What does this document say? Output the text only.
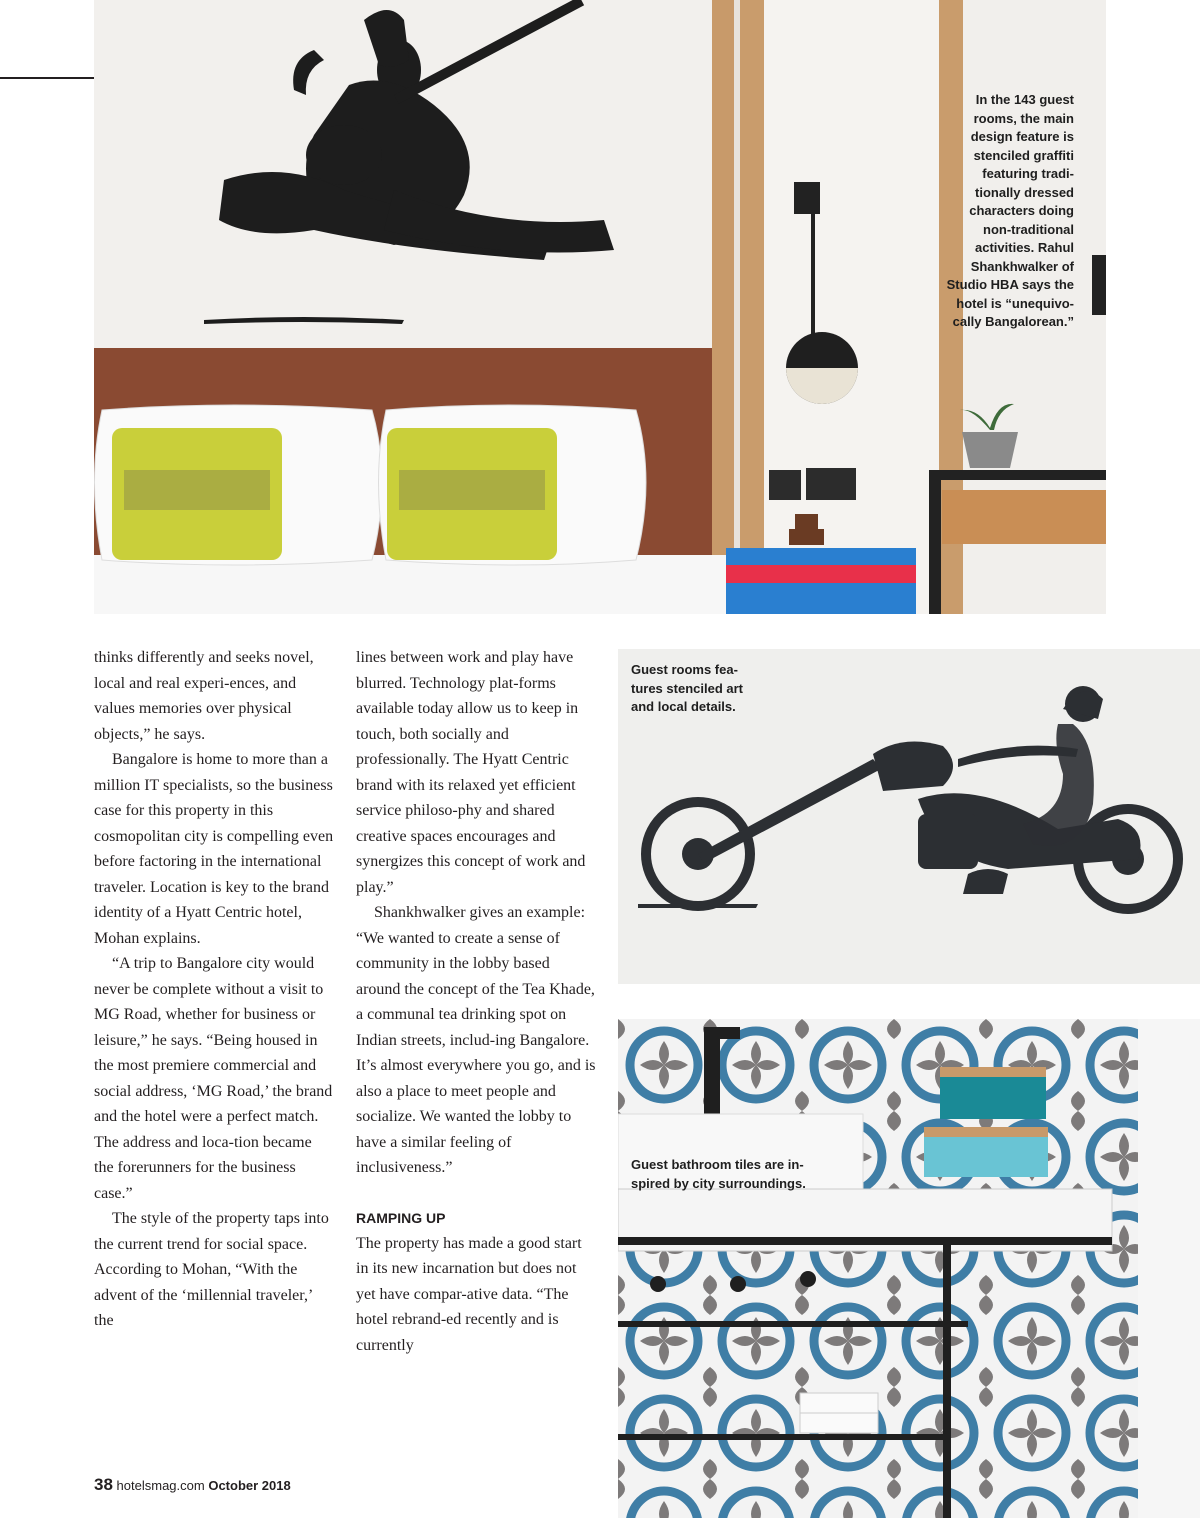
In the 143 guest
rooms, the main
design feature is
stenciled graffiti
featuring tradi-
tionally dressed
characters doing
non-traditional
activities. Rahul
Shankhwalker of
Studio HBA says the
hotel is “unequivo-
cally Bangalorean.”
Guest rooms fea-
tures stenciled art
and local details.
Guest bathroom tiles are in-
spired by city surroundings.

thinks differently and seeks novel, local and real experi-ences, and values memories over physical objects,” he says.

Bangalore is home to more than a million IT specialists, so the business case for this property in this cosmopolitan city is compelling even before factoring in the international traveler. Location is key to the brand identity of a Hyatt Centric hotel, Mohan explains.

“A trip to Bangalore city would never be complete without a visit to MG Road, whether for business or leisure,” he says. “Being housed in the most premiere commercial and social address, ‘MG Road,’ the brand and the hotel were a perfect match. The address and loca-tion became the forerunners for the business case.”

The style of the property taps into the current trend for social space. According to Mohan, “With the advent of the ‘millennial traveler,’ the

lines between work and play have blurred. Technology plat-forms available today allow us to keep in touch, both socially and professionally. The Hyatt Centric brand with its relaxed yet efficient service philoso-phy and shared creative spaces encourages and synergizes this concept of work and play.”

Shankhwalker gives an example: “We wanted to create a sense of community in the lobby based around the concept of the Tea Khade, a communal tea drinking spot on Indian streets, includ-ing Bangalore. It’s almost everywhere you go, and is also a place to meet people and socialize. We wanted the lobby to have a similar feeling of inclusiveness.”

RAMPING UP

The property has made a good start in its new incarnation but does not yet have compar-ative data. “The hotel rebrand-ed recently and is currently

38 hotelsmag.com October 2018
